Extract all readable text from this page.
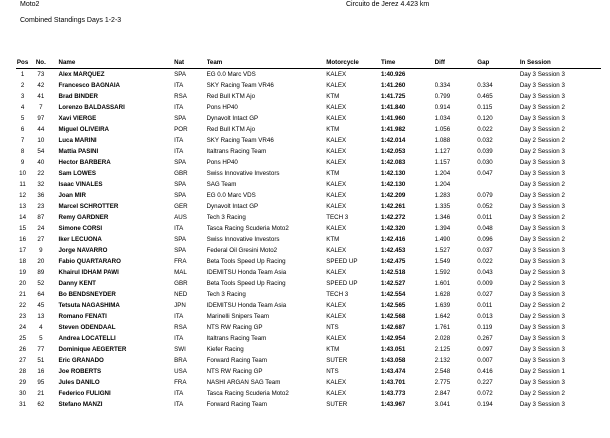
Moto2	Circuito de Jerez 4.423 km
Combined Standings Days 1-2-3
Pos	No.	Name	Nat	Team	Motorcycle	Time	Diff	Gap	In Session
1	73	Alex MARQUEZ	SPA	EG 0.0 Marc VDS	KALEX	1:40.926			Day 3 Session 3
2	42	Francesco BAGNAIA	ITA	SKY Racing Team VR46	KALEX	1:41.260	0.334	0.334	Day 3 Session 3
3	41	Brad BINDER	RSA	Red Bull KTM Ajo	KTM	1:41.725	0.799	0.465	Day 3 Session 3
4	7	Lorenzo BALDASSARI	ITA	Pons HP40	KALEX	1:41.840	0.914	0.115	Day 3 Session 2
5	97	Xavi VIERGE	SPA	Dynavolt Intact GP	KALEX	1:41.960	1.034	0.120	Day 3 Session 3
6	44	Miguel OLIVEIRA	POR	Red Bull KTM Ajo	KTM	1:41.982	1.056	0.022	Day 3 Session 2
7	10	Luca MARINI	ITA	SKY Racing Team VR46	KALEX	1:42.014	1.088	0.032	Day 2 Session 2
8	54	Mattia PASINI	ITA	Italtrans Racing Team	KALEX	1:42.053	1.127	0.039	Day 2 Session 3
9	40	Hector BARBERA	SPA	Pons HP40	KALEX	1:42.083	1.157	0.030	Day 3 Session 3
10	22	Sam LOWES	GBR	Swiss Innovative Investors	KTM	1:42.130	1.204	0.047	Day 3 Session 3
11	32	Isaac VINALES	SPA	SAG Team	KALEX	1:42.130	1.204		Day 3 Session 2
12	36	Joan MIR	SPA	EG 0.0 Marc VDS	KALEX	1:42.209	1.283	0.079	Day 3 Session 2
13	23	Marcel SCHROTTER	GER	Dynavolt Intact GP	KALEX	1:42.261	1.335	0.052	Day 3 Session 3
14	87	Remy GARDNER	AUS	Tech 3 Racing	TECH 3	1:42.272	1.346	0.011	Day 3 Session 2
15	24	Simone CORSI	ITA	Tasca Racing Scuderia Moto2	KALEX	1:42.320	1.394	0.048	Day 3 Session 3
16	27	Iker LECUONA	SPA	Swiss Innovative Investors	KTM	1:42.416	1.490	0.096	Day 3 Session 2
17	9	Jorge NAVARRO	SPA	Federal Oil Gresini Moto2	KALEX	1:42.453	1.527	0.037	Day 3 Session 3
18	20	Fabio QUARTARARO	FRA	Beta Tools Speed Up Racing	SPEED UP	1:42.475	1.549	0.022	Day 3 Session 3
19	89	Khairul IDHAM PAWI	MAL	IDEMITSU Honda Team Asia	KALEX	1:42.518	1.592	0.043	Day 2 Session 3
20	52	Danny KENT	GBR	Beta Tools Speed Up Racing	SPEED UP	1:42.527	1.601	0.009	Day 2 Session 3
21	64	Bo BENDSNEYDER	NED	Tech 3 Racing	TECH 3	1:42.554	1.628	0.027	Day 3 Session 3
22	45	Tetsuta NAGASHIMA	JPN	IDEMITSU Honda Team Asia	KALEX	1:42.565	1.639	0.011	Day 2 Session 2
23	13	Romano FENATI	ITA	Marinelli Snipers Team	KALEX	1:42.568	1.642	0.013	Day 2 Session 3
24	4	Steven ODENDAAL	RSA	NTS RW Racing GP	NTS	1:42.687	1.761	0.119	Day 3 Session 3
25	5	Andrea LOCATELLI	ITA	Italtrans Racing Team	KALEX	1:42.954	2.028	0.267	Day 3 Session 3
26	77	Dominique AEGERTER	SWI	Kiefer Racing	KTM	1:43.051	2.125	0.097	Day 3 Session 3
27	51	Eric GRANADO	BRA	Forward Racing Team	SUTER	1:43.058	2.132	0.007	Day 3 Session 3
28	16	Joe ROBERTS	USA	NTS RW Racing GP	NTS	1:43.474	2.548	0.416	Day 2 Session 1
29	95	Jules DANILO	FRA	NASHI ARGAN SAG Team	KALEX	1:43.701	2.775	0.227	Day 3 Session 3
30	21	Federico FULIGNI	ITA	Tasca Racing Scuderia Moto2	KALEX	1:43.773	2.847	0.072	Day 2 Session 2
31	62	Stefano MANZI	ITA	Forward Racing Team	SUTER	1:43.967	3.041	0.194	Day 3 Session 3
